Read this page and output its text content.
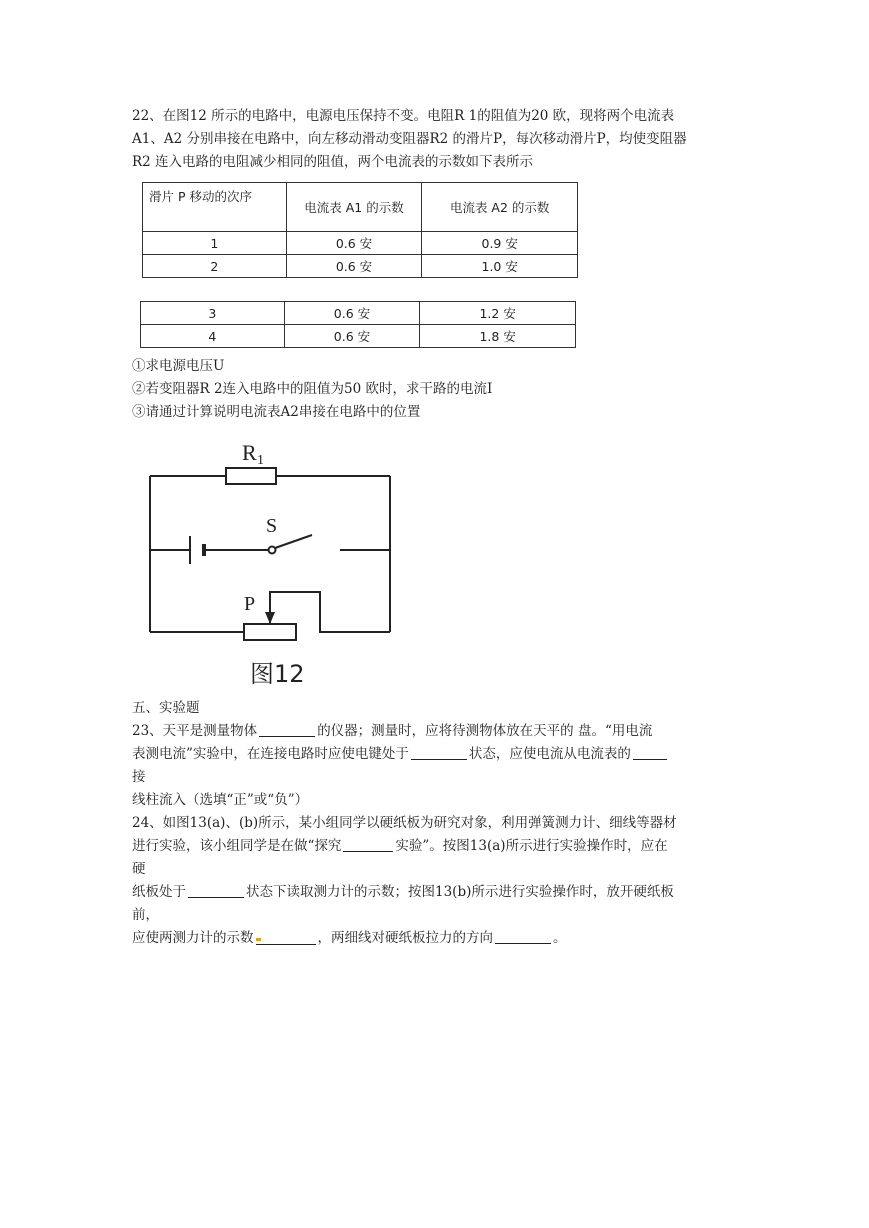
22、在图12 所示的电路中，电源电压保持不变。电阻R 1的阻值为20 欧，现将两个电流表
A1、A2 分别串接在电路中，向左移动滑动变阻器R2 的滑片P，每次移动滑片P，均使变阻器
R2 连入电路的电阻减少相同的阻值，两个电流表的示数如下表所示
滑片 P 移动的次序	电流表 A1 的示数	电流表 A2 的示数
1	0.6 安	0.9 安
2	0.6 安	1.0 安
3	0.6 安	1.2 安
4	0.6 安	1.8 安
①求电源电压U
②若变阻器R 2连入电路中的阻值为50 欧时，求干路的电流I
③请通过计算说明电流表A2串接在电路中的位置
R 1
S
P
图12
五、实验题
23、天平是测量物体	的仪器；测量时，应将待测物体放在天平的 盘。“用电流
表测电流”实验中，在连接电路时应使电键处于	状态，应使电流从电流表的
接
线柱流入（选填“正”或“负”）
24、如图13(a)、(b)所示，某小组同学以硬纸板为研究对象，利用弹簧测力计、细线等器材
进行实验，该小组同学是在做“探究	实验”。按图13(a)所示进行实验操作时，应在
硬
纸板处于	状态下读取测力计的示数；按图13(b)所示进行实验操作时，放开硬纸板
前，
应使两测力计的示数	，两细线对硬纸板拉力的方向	。
